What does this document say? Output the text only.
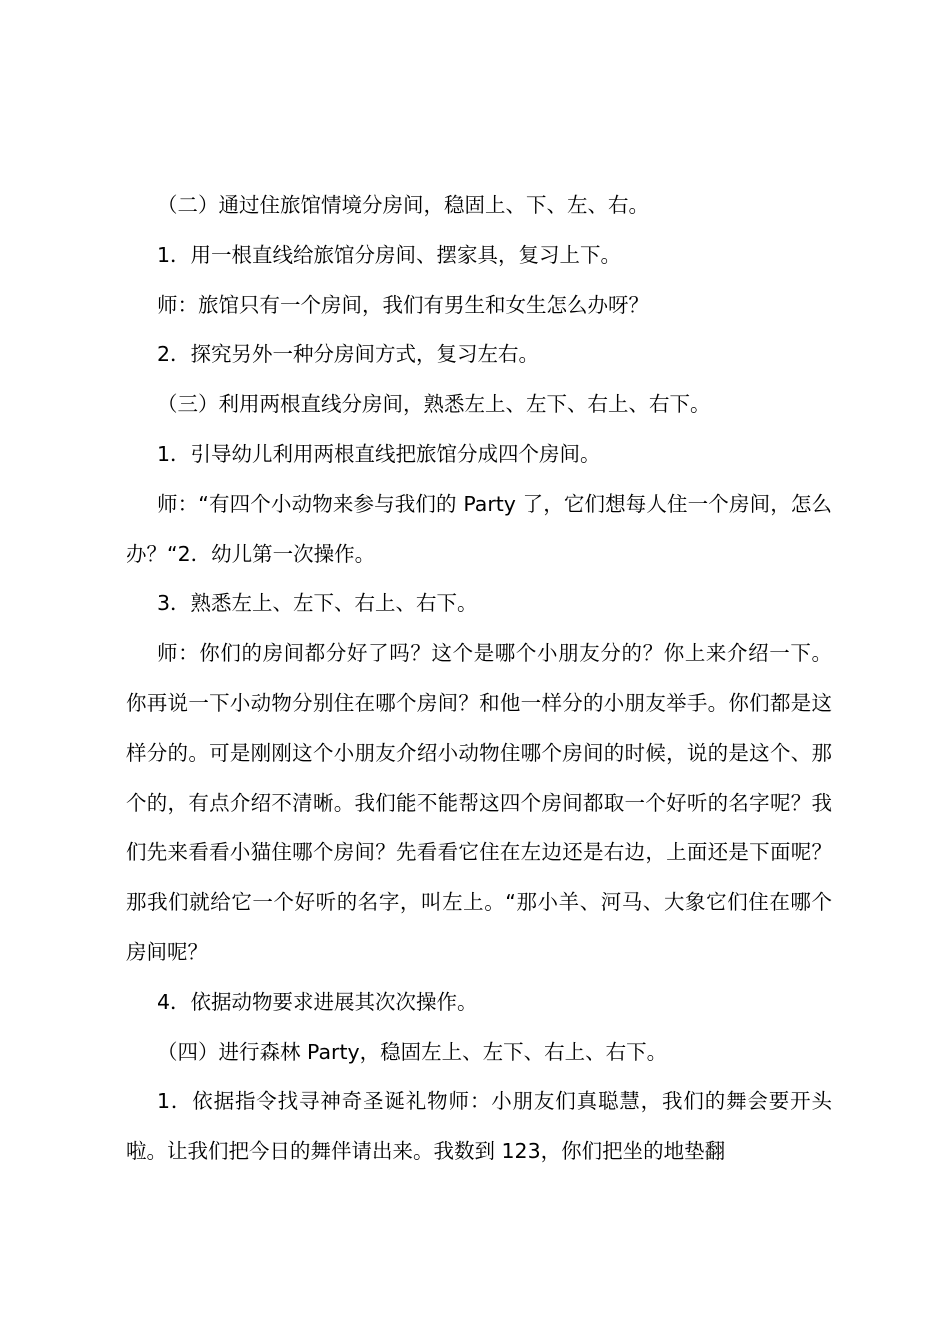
（二）通过住旅馆情境分房间，稳固上、下、左、右。

1．用一根直线给旅馆分房间、摆家具，复习上下。

师：旅馆只有一个房间，我们有男生和女生怎么办呀？

2．探究另外一种分房间方式，复习左右。

（三）利用两根直线分房间，熟悉左上、左下、右上、右下。

1．引导幼儿利用两根直线把旅馆分成四个房间。

师：“有四个小动物来参与我们的 Party 了，它们想每人住一个房间，怎么办？“2．幼儿第一次操作。

3．熟悉左上、左下、右上、右下。

师：你们的房间都分好了吗？这个是哪个小朋友分的？你上来介绍一下。你再说一下小动物分别住在哪个房间？和他一样分的小朋友举手。你们都是这样分的。可是刚刚这个小朋友介绍小动物住哪个房间的时候，说的是这个、那个的，有点介绍不清晰。我们能不能帮这四个房间都取一个好听的名字呢？我们先来看看小猫住哪个房间？先看看它住在左边还是右边，上面还是下面呢？那我们就给它一个好听的名字，叫左上。“那小羊、河马、大象它们住在哪个房间呢？

4．依据动物要求进展其次次操作。

（四）进行森林 Party，稳固左上、左下、右上、右下。

1．依据指令找寻神奇圣诞礼物师：小朋友们真聪慧，我们的舞会要开头啦。让我们把今日的舞伴请出来。我数到 123，你们把坐的地垫翻
